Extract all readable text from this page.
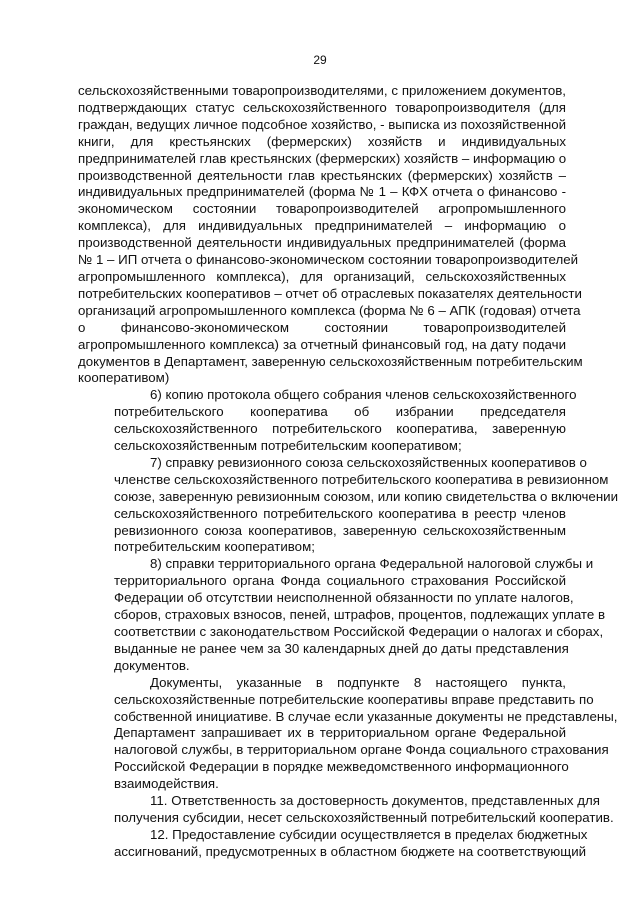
29
сельскохозяйственными товаропроизводителями, с приложением документов,
подтверждающих статус сельскохозяйственного товаропроизводителя (для
граждан, ведущих личное подсобное хозяйство, - выписка из похозяйственной
книги, для крестьянских (фермерских) хозяйств и индивидуальных
предпринимателей глав крестьянских (фермерских) хозяйств – информацию о
производственной деятельности глав крестьянских (фермерских) хозяйств –
индивидуальных предпринимателей (форма № 1 – КФХ отчета о финансово -
экономическом состоянии товаропроизводителей агропромышленного
комплекса), для индивидуальных предпринимателей – информацию о
производственной деятельности индивидуальных предпринимателей (форма
№ 1 – ИП отчета о финансово-экономическом состоянии товаропроизводителей
агропромышленного комплекса), для организаций, сельскохозяйственных
потребительских кооперативов – отчет об отраслевых показателях деятельности
организаций агропромышленного комплекса (форма № 6 – АПК (годовая) отчета
о финансово-экономическом состоянии товаропроизводителей
агропромышленного комплекса) за отчетный финансовый год, на дату подачи
документов в Департамент, заверенную сельскохозяйственным потребительским
кооперативом)
6) копию протокола общего собрания членов сельскохозяйственного
потребительского кооператива об избрании председателя
сельскохозяйственного потребительского кооператива, заверенную
сельскохозяйственным потребительским кооперативом;
7) справку ревизионного союза сельскохозяйственных кооперативов о
членстве сельскохозяйственного потребительского кооператива в ревизионном
союзе, заверенную ревизионным союзом, или копию свидетельства о включении
сельскохозяйственного потребительского кооператива в реестр членов
ревизионного союза кооперативов, заверенную сельскохозяйственным
потребительским кооперативом;
8) справки территориального органа Федеральной налоговой службы и
территориального органа Фонда социального страхования Российской
Федерации об отсутствии неисполненной обязанности по уплате налогов,
сборов, страховых взносов, пеней, штрафов, процентов, подлежащих уплате в
соответствии с законодательством Российской Федерации о налогах и сборах,
выданные не ранее чем за 30 календарных дней до даты представления
документов.
Документы, указанные в подпункте 8 настоящего пункта,
сельскохозяйственные потребительские кооперативы вправе представить по
собственной инициативе. В случае если указанные документы не представлены,
Департамент запрашивает их в территориальном органе Федеральной
налоговой службы, в территориальном органе Фонда социального страхования
Российской Федерации в порядке межведомственного информационного
взаимодействия.
11. Ответственность за достоверность документов, представленных для
получения субсидии, несет сельскохозяйственный потребительский кооператив.
12. Предоставление субсидии осуществляется в пределах бюджетных
ассигнований, предусмотренных в областном бюджете на соответствующий
